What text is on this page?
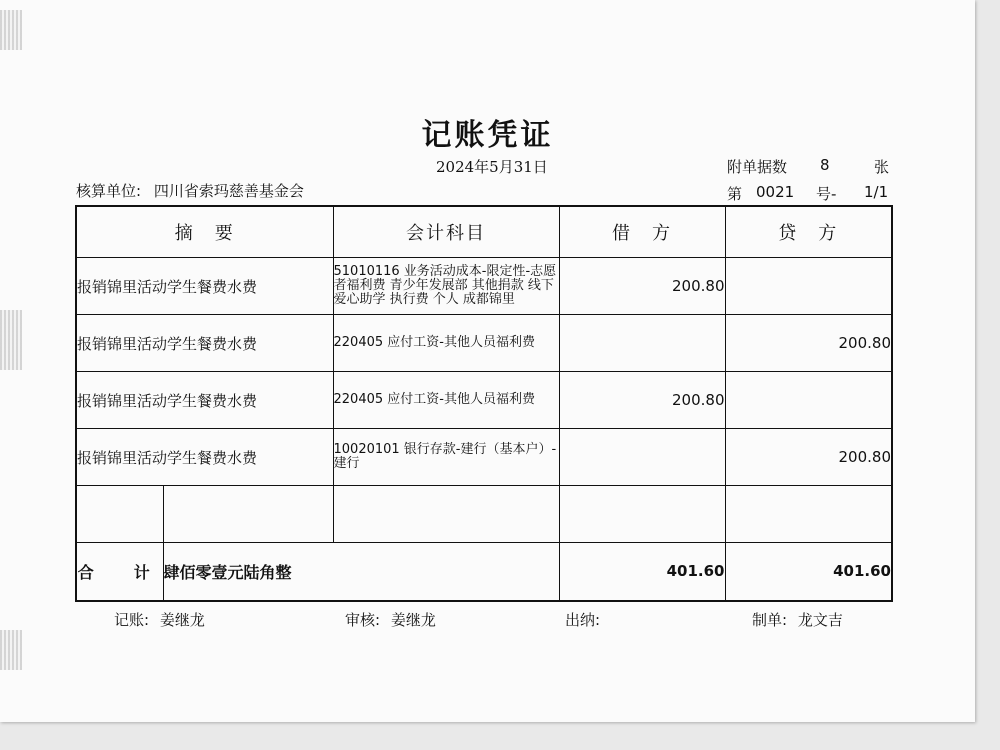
记账凭证
2024年5月31日	附单据数 8	张
核算单位: 四川省索玛慈善基金会	第 0021 号- 1/1
摘　要		会计科目	借　方	贷　方
报销锦里活动学生餐费水费		51010116 业务活动成本-限定性-志愿者福利费 青少年发展部 其他捐款 线下爱心助学 执行费 个人 成都锦里	200.80	
报销锦里活动学生餐费水费		220405 应付工资-其他人员福利费		200.80
报销锦里活动学生餐费水费		220405 应付工资-其他人员福利费	200.80	
报销锦里活动学生餐费水费		10020101 银行存款-建行（基本户）-建行		200.80

合　计	肆佰零壹元陆角整		401.60	401.60
记账: 姜继龙	审核: 姜继龙	出纳:	制单: 龙文吉
